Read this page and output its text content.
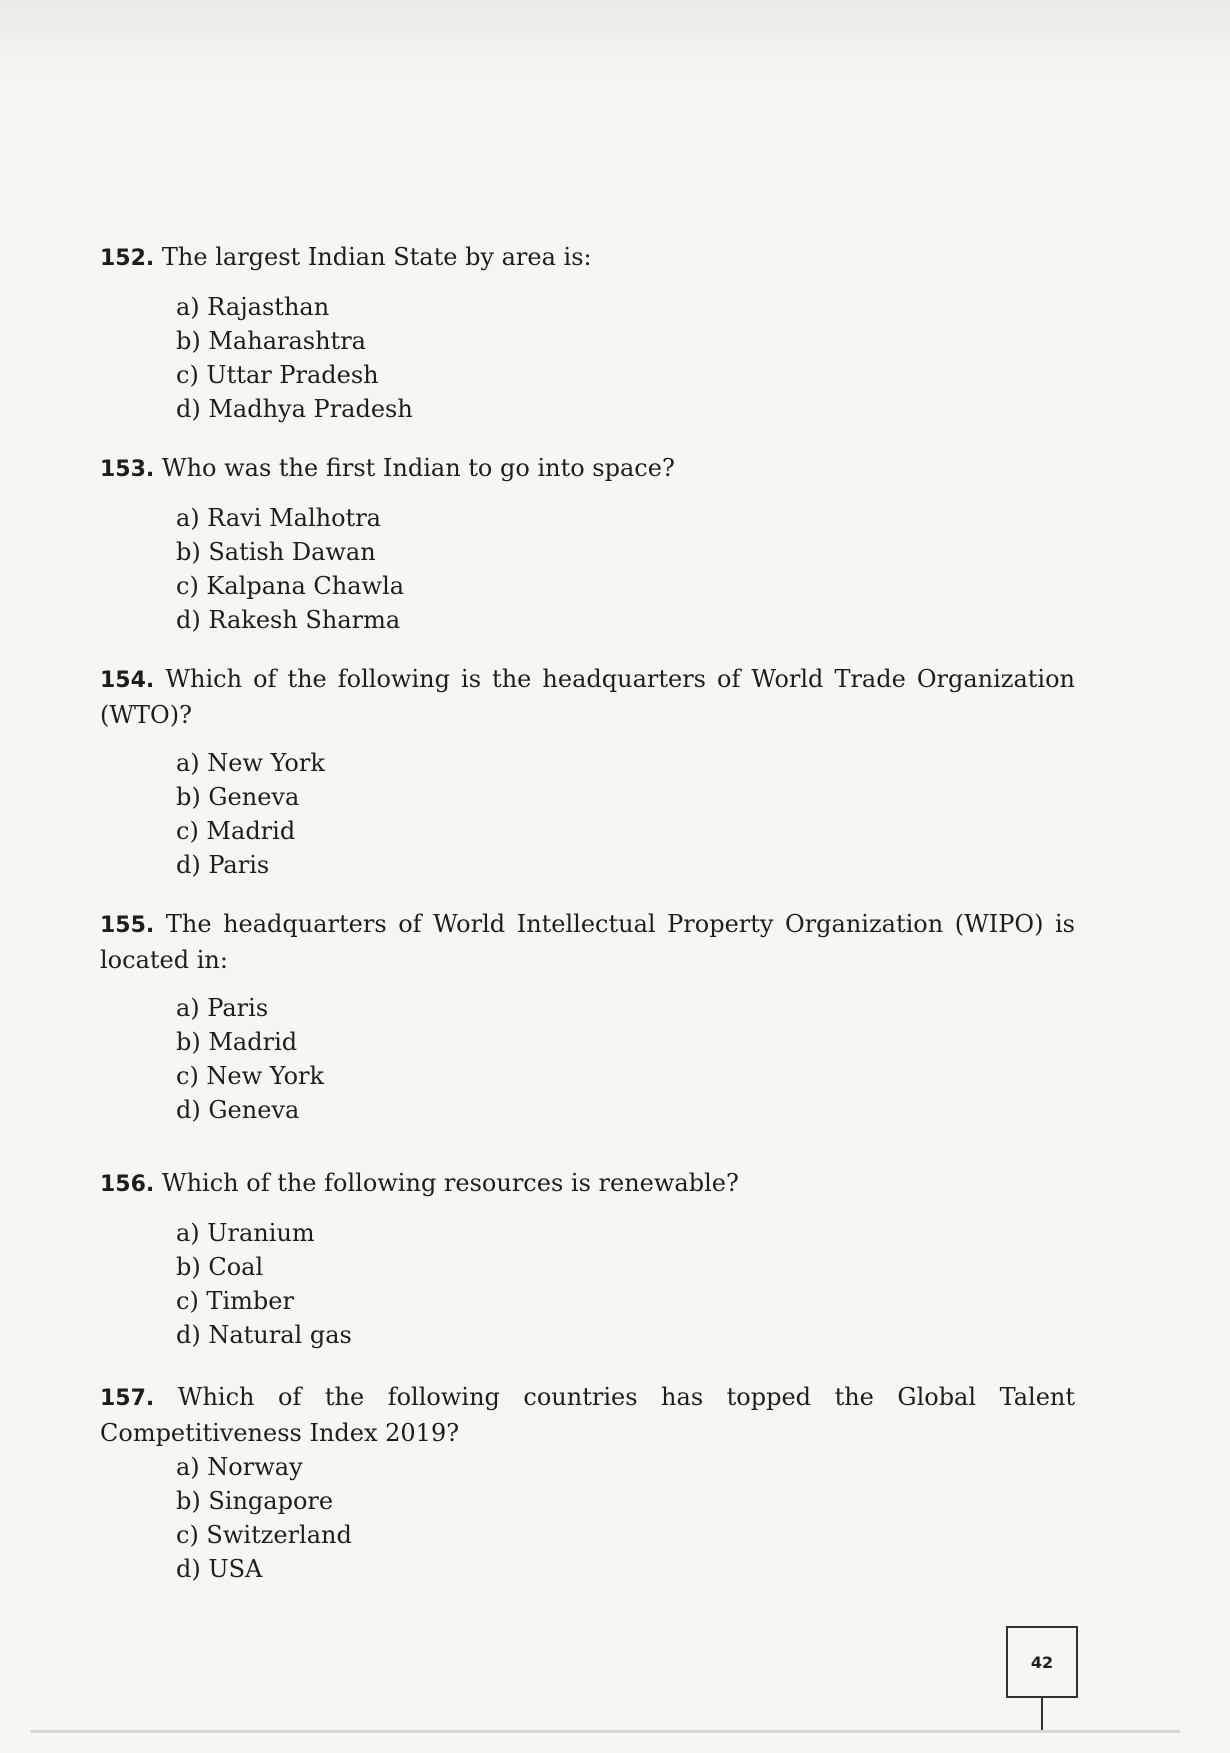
152. The largest Indian State by area is:

a) Rajasthan
b) Maharashtra
c) Uttar Pradesh
d) Madhya Pradesh

153. Who was the first Indian to go into space?

a) Ravi Malhotra
b) Satish Dawan
c) Kalpana Chawla
d) Rakesh Sharma

154. Which of the following is the headquarters of World Trade Organization (WTO)?

a) New York
b) Geneva
c) Madrid
d) Paris

155. The headquarters of World Intellectual Property Organization (WIPO) is located in:

a) Paris
b) Madrid
c) New York
d) Geneva

156. Which of the following resources is renewable?

a) Uranium
b) Coal
c) Timber
d) Natural gas

157. Which of the following countries has topped the Global Talent Competitiveness Index 2019?

a) Norway
b) Singapore
c) Switzerland
d) USA
42
